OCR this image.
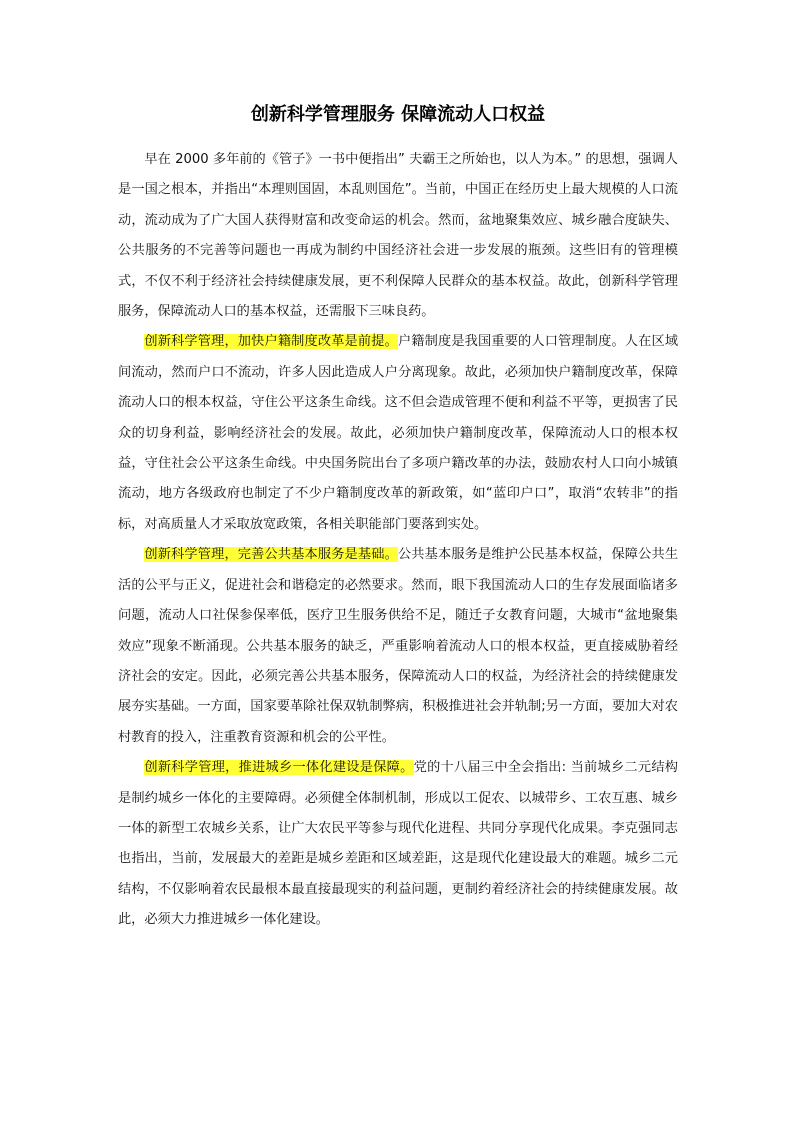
创新科学管理服务 保障流动人口权益

早在 2000 多年前的《管子》一书中便指出” 夫霸王之所始也，以人为本。” 的思想，强调人是一国之根本，并指出“本理则国固，本乱则国危”。当前，中国正在经历史上最大规模的人口流动，流动成为了广大国人获得财富和改变命运的机会。然而，盆地聚集效应、城乡融合度缺失、公共服务的不完善等问题也一再成为制约中国经济社会进一步发展的瓶颈。这些旧有的管理模式，不仅不利于经济社会持续健康发展，更不利保障人民群众的基本权益。故此，创新科学管理服务，保障流动人口的基本权益，还需服下三味良药。

创新科学管理，加快户籍制度改革是前提。户籍制度是我国重要的人口管理制度。人在区域间流动，然而户口不流动，许多人因此造成人户分离现象。故此，必须加快户籍制度改革，保障流动人口的根本权益，守住公平这条生命线。这不但会造成管理不便和利益不平等，更损害了民众的切身利益，影响经济社会的发展。故此，必须加快户籍制度改革，保障流动人口的根本权益，守住社会公平这条生命线。中央国务院出台了多项户籍改革的办法，鼓励农村人口向小城镇流动，地方各级政府也制定了不少户籍制度改革的新政策，如“蓝印户口”，取消“农转非”的指标，对高质量人才采取放宽政策，各相关职能部门要落到实处。

创新科学管理，完善公共基本服务是基础。公共基本服务是维护公民基本权益，保障公共生活的公平与正义，促进社会和谐稳定的必然要求。然而，眼下我国流动人口的生存发展面临诸多问题，流动人口社保参保率低，医疗卫生服务供给不足，随迁子女教育问题，大城市“盆地聚集效应”现象不断涌现。公共基本服务的缺乏，严重影响着流动人口的根本权益，更直接威胁着经济社会的安定。因此，必须完善公共基本服务，保障流动人口的权益，为经济社会的持续健康发展夯实基础。一方面，国家要革除社保双轨制弊病，积极推进社会并轨制;另一方面，要加大对农村教育的投入，注重教育资源和机会的公平性。

创新科学管理，推进城乡一体化建设是保障。党的十八届三中全会指出: 当前城乡二元结构是制约城乡一体化的主要障碍。必须健全体制机制，形成以工促农、以城带乡、工农互惠、城乡一体的新型工农城乡关系，让广大农民平等参与现代化进程、共同分享现代化成果。李克强同志也指出，当前，发展最大的差距是城乡差距和区域差距，这是现代化建设最大的难题。城乡二元结构，不仅影响着农民最根本最直接最现实的利益问题，更制约着经济社会的持续健康发展。故此，必须大力推进城乡一体化建设。
